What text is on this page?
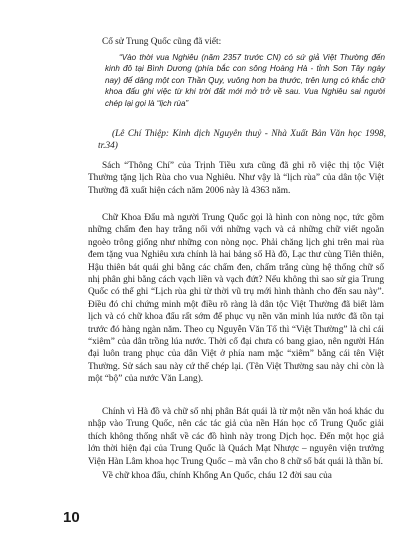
Cổ sử Trung Quốc cũng đã viết:

“Vào thời vua Nghiêu (năm 2357 trước CN) có sứ giả Việt Thường đến kinh đô tại Bình Dương (phía bắc con sông Hoàng Hà - tỉnh Sơn Tây ngày nay) để dâng một con Thần Quy, vuông hơn ba thước, trên lưng có khắc chữ khoa đẩu ghi việc từ khi trời đất mới mở trở về sau. Vua Nghiêu sai người chép lại gọi là “lịch rùa”

(Lê Chí Thiệp: Kinh dịch Nguyên thuỷ - Nhà Xuất Bản Văn học 1998, tr.34)

Sách “Thông Chí” của Trịnh Tiều xưa cũng đã ghi rõ việc thị tộc Việt Thường tặng lịch Rùa cho vua Nghiêu. Như vậy là “lịch rùa” của dân tộc Việt Thường đã xuất hiện cách năm 2006 này là 4363 năm.

Chữ Khoa Đẩu mà người Trung Quốc gọi là hình con nòng nọc, tức gồm những chấm đen hay trắng nối với những vạch và cả những chữ viết ngoằn ngoèo trông giống như những con nòng nọc. Phải chăng lịch ghi trên mai rùa đem tặng vua Nghiêu xưa chính là hai bảng số Hà đồ, Lạc thư cùng Tiên thiên, Hậu thiên bát quái ghi bằng các chấm đen, chấm trắng cùng hệ thống chữ số nhị phân ghi bằng cách vạch liền và vạch đứt? Nếu không thì sao sử gia Trung Quốc có thể ghi “Lịch rùa ghi từ thời vũ trụ mới hình thành cho đến sau này”. Điều đó chỉ chứng minh một điều rõ ràng là dân tộc Việt Thường đã biết làm lịch và có chữ khoa đẩu rất sớm để phục vụ nền văn minh lúa nước đã tồn tại trước đó hàng ngàn năm. Theo cụ Nguyễn Văn Tố thì “Việt Thường” là chỉ cái “xiêm” của dân trồng lúa nước. Thời cổ đại chưa có bang giao, nên người Hán đại luôn trang phục của dân Việt ở phía nam mặc “xiêm” bằng cái tên Việt Thường. Sử sách sau này cứ thế chép lại. (Tên Việt Thường sau này chỉ còn là một “bộ” của nước Văn Lang).

Chính vì Hà đồ và chữ số nhị phân Bát quái là từ một nền văn hoá khác du nhập vào Trung Quốc, nên các tác giả của nền Hán học cổ Trung Quốc giải thích không thống nhất về các đồ hình này trong Dịch học. Đến một học giả lớn thời hiện đại của Trung Quốc là Quách Mạt Nhược – nguyên viện trưởng Viện Hàn Lâm khoa học Trung Quốc – mà vẫn cho 8 chữ số bát quái là thần bí.

Về chữ khoa đẩu, chính Khổng An Quốc, cháu 12 đời sau của

10
